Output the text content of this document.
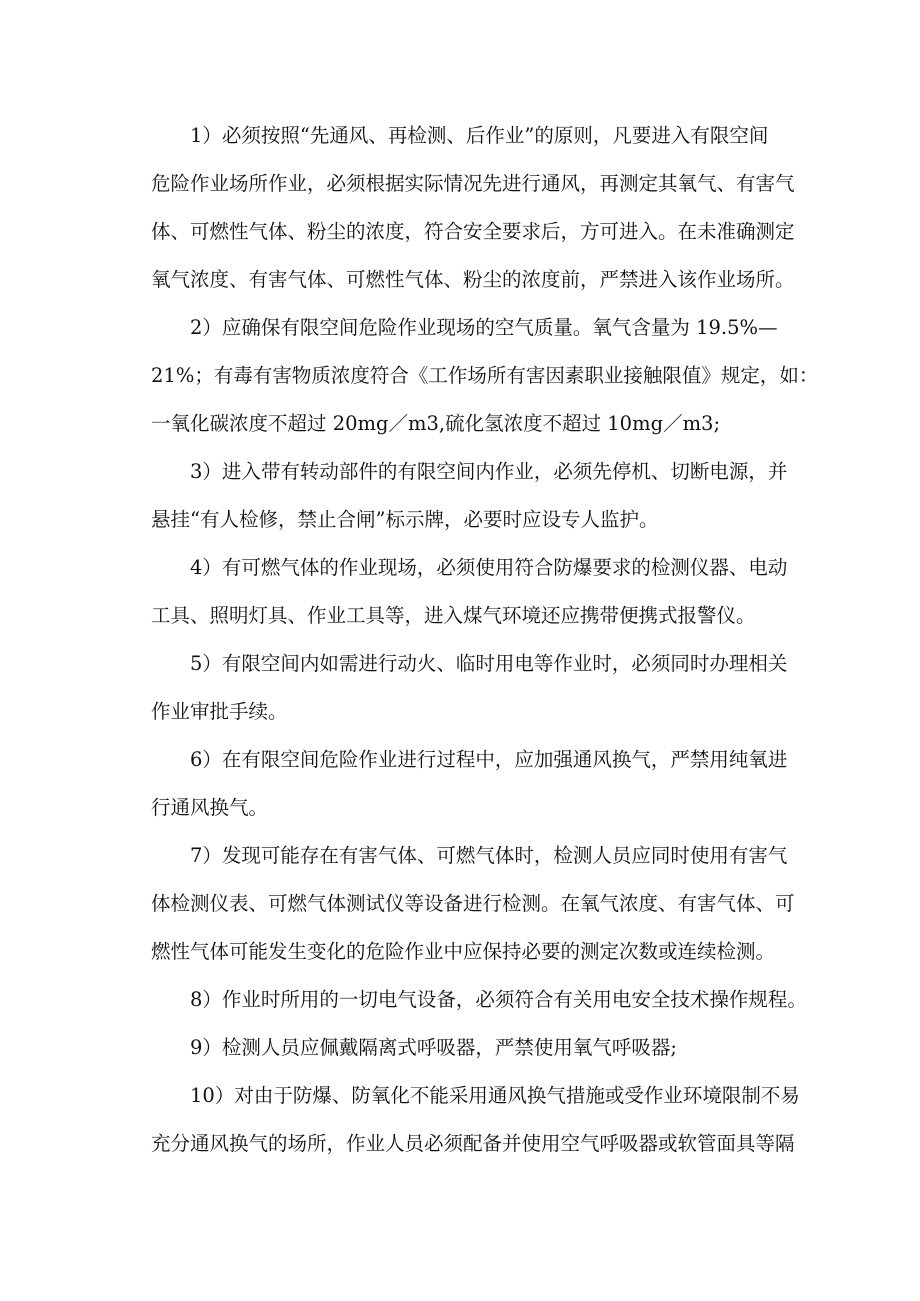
1）必须按照“先通风、再检测、后作业”的原则，凡要进入有限空间
危险作业场所作业，必须根据实际情况先进行通风，再测定其氧气、有害气
体、可燃性气体、粉尘的浓度，符合安全要求后，方可进入。在未准确测定
氧气浓度、有害气体、可燃性气体、粉尘的浓度前，严禁进入该作业场所。
2）应确保有限空间危险作业现场的空气质量。氧气含量为 19.5%—
21%；有毒有害物质浓度符合《工作场所有害因素职业接触限值》规定，如：
一氧化碳浓度不超过 20mg／m3,硫化氢浓度不超过 10mg／m3;
3）进入带有转动部件的有限空间内作业，必须先停机、切断电源，并
悬挂“有人检修，禁止合闸”标示牌，必要时应设专人监护。
4）有可燃气体的作业现场，必须使用符合防爆要求的检测仪器、电动
工具、照明灯具、作业工具等，进入煤气环境还应携带便携式报警仪。
5）有限空间内如需进行动火、临时用电等作业时，必须同时办理相关
作业审批手续。
6）在有限空间危险作业进行过程中，应加强通风换气，严禁用纯氧进
行通风换气。
7）发现可能存在有害气体、可燃气体时，检测人员应同时使用有害气
体检测仪表、可燃气体测试仪等设备进行检测。在氧气浓度、有害气体、可
燃性气体可能发生变化的危险作业中应保持必要的测定次数或连续检测。
8）作业时所用的一切电气设备，必须符合有关用电安全技术操作规程。
9）检测人员应佩戴隔离式呼吸器，严禁使用氧气呼吸器;
10）对由于防爆、防氧化不能采用通风换气措施或受作业环境限制不易
充分通风换气的场所，作业人员必须配备并使用空气呼吸器或软管面具等隔
